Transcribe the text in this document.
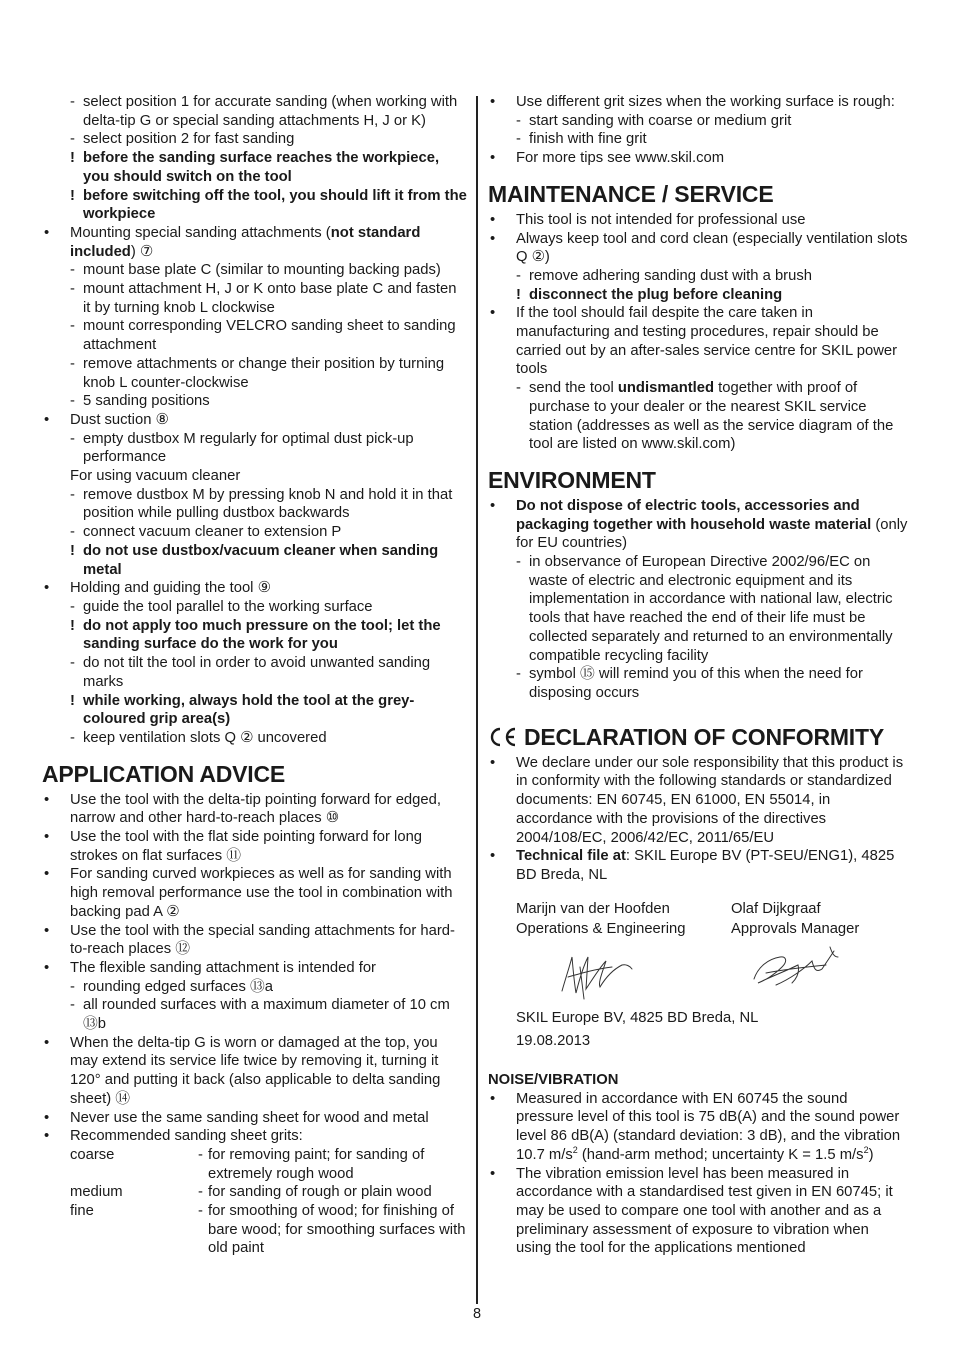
- select position 1 for accurate sanding (when working with delta-tip G or special sanding attachments H, J or K)
- select position 2 for fast sanding
! before the sanding surface reaches the workpiece, you should switch on the tool
! before switching off the tool, you should lift it from the workpiece
• Mounting special sanding attachments (not standard included) ⑦
- mount base plate C (similar to mounting backing pads)
- mount attachment H, J or K onto base plate C and fasten it by turning knob L clockwise
- mount corresponding VELCRO sanding sheet to sanding attachment
- remove attachments or change their position by turning knob L counter-clockwise
- 5 sanding positions
• Dust suction ⑧
- empty dustbox M regularly for optimal dust pick-up performance
For using vacuum cleaner
- remove dustbox M by pressing knob N and hold it in that position while pulling dustbox backwards
- connect vacuum cleaner to extension P
! do not use dustbox/vacuum cleaner when sanding metal
• Holding and guiding the tool ⑨
- guide the tool parallel to the working surface
! do not apply too much pressure on the tool; let the sanding surface do the work for you
- do not tilt the tool in order to avoid unwanted sanding marks
! while working, always hold the tool at the grey-coloured grip area(s)
- keep ventilation slots Q ② uncovered
APPLICATION ADVICE
• Use the tool with the delta-tip pointing forward for edged, narrow and other hard-to-reach places ⑩
• Use the tool with the flat side pointing forward for long strokes on flat surfaces ⑪
• For sanding curved workpieces as well as for sanding with high removal performance use the tool in combination with backing pad A ②
• Use the tool with the special sanding attachments for hard-to-reach places ⑫
• The flexible sanding attachment is intended for
- rounding edged surfaces ⑬a
- all rounded surfaces with a maximum diameter of 10 cm ⑬b
• When the delta-tip G is worn or damaged at the top, you may extend its service life twice by removing it, turning it 120° and putting it back (also applicable to delta sanding sheet) ⑭
• Never use the same sanding sheet for wood and metal
• Recommended sanding sheet grits:
coarse	- for removing paint; for sanding of extremely rough wood
medium	- for sanding of rough or plain wood
fine	- for smoothing of wood; for finishing of bare wood; for smoothing surfaces with old paint
• Use different grit sizes when the working surface is rough:
- start sanding with coarse or medium grit
- finish with fine grit
• For more tips see www.skil.com
MAINTENANCE / SERVICE
• This tool is not intended for professional use
• Always keep tool and cord clean (especially ventilation slots Q ②)
- remove adhering sanding dust with a brush
! disconnect the plug before cleaning
• If the tool should fail despite the care taken in manufacturing and testing procedures, repair should be carried out by an after-sales service centre for SKIL power tools
- send the tool undismantled together with proof of purchase to your dealer or the nearest SKIL service station (addresses as well as the service diagram of the tool are listed on www.skil.com)
ENVIRONMENT
• Do not dispose of electric tools, accessories and packaging together with household waste material (only for EU countries)
- in observance of European Directive 2002/96/EC on waste of electric and electronic equipment and its implementation in accordance with national law, electric tools that have reached the end of their life must be collected separately and returned to an environmentally compatible recycling facility
- symbol ⑮ will remind you of this when the need for disposing occurs
DECLARATION OF CONFORMITY
• We declare under our sole responsibility that this product is in conformity with the following standards or standardized documents: EN 60745, EN 61000, EN 55014, in accordance with the provisions of the directives 2004/108/EC, 2006/42/EC, 2011/65/EU
• Technical file at: SKIL Europe BV (PT-SEU/ENG1), 4825 BD Breda, NL
Marijn van der Hoofden
Operations & Engineering
Olaf Dijkgraaf
Approvals Manager
SKIL Europe BV, 4825 BD Breda, NL
19.08.2013
NOISE/VIBRATION
• Measured in accordance with EN 60745 the sound pressure level of this tool is 75 dB(A) and the sound power level 86 dB(A) (standard deviation: 3 dB), and the vibration 10.7 $m/s^2$ (hand-arm method; uncertainty K = 1.5 $m/s^2$)
• The vibration emission level has been measured in accordance with a standardised test given in EN 60745; it may be used to compare one tool with another and as a preliminary assessment of exposure to vibration when using the tool for the applications mentioned
8
